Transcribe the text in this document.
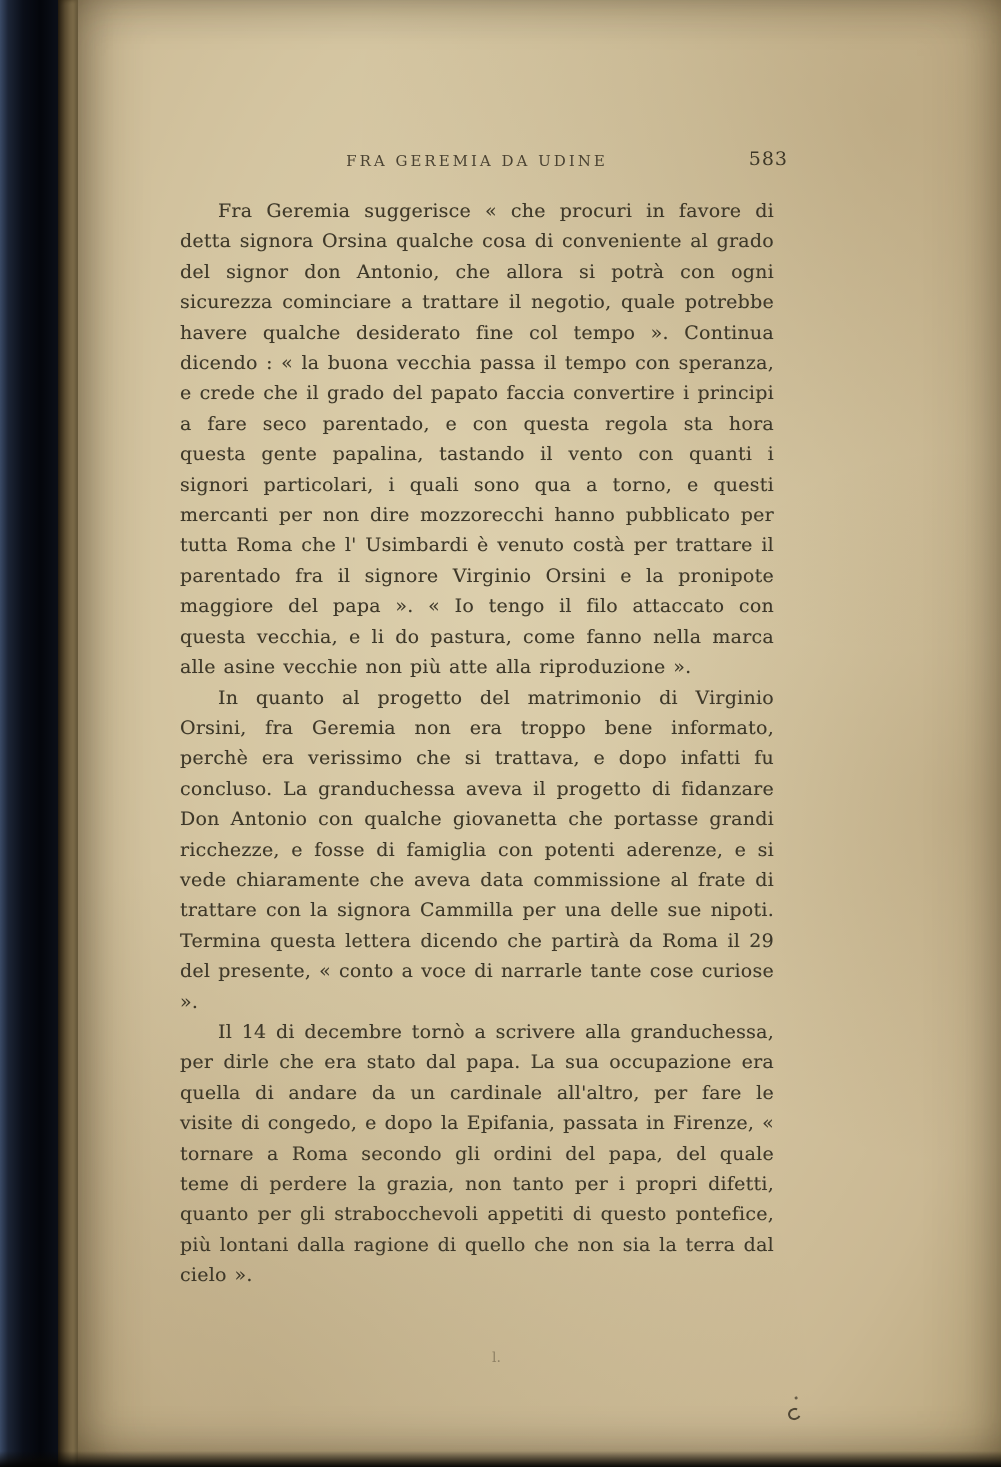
FRA GEREMIA DA UDINE	583

Fra Geremia suggerisce « che procuri in favore di detta signora Orsina qualche cosa di conveniente al grado del signor don Antonio, che allora si potrà con ogni sicurezza cominciare a trattare il negotio, quale potrebbe havere qualche desiderato fine col tempo ». Continua dicendo : « la buona vecchia passa il tempo con speranza, e crede che il grado del papato faccia convertire i principi a fare seco parentado, e con questa regola sta hora questa gente papalina, tastando il vento con quanti i signori particolari, i quali sono qua a torno, e questi mercanti per non dire mozzorecchi hanno pubblicato per tutta Roma che l' Usimbardi è venuto costà per trattare il parentado fra il signore Virginio Orsini e la pronipote maggiore del papa ». « Io tengo il filo attaccato con questa vecchia, e li do pastura, come fanno nella marca alle asine vecchie non più atte alla riproduzione ».

In quanto al progetto del matrimonio di Virginio Orsini, fra Geremia non era troppo bene informato, perchè era verissimo che si trattava, e dopo infatti fu concluso. La granduchessa aveva il progetto di fidanzare Don Antonio con qualche giovanetta che portasse grandi ricchezze, e fosse di famiglia con potenti aderenze, e si vede chiaramente che aveva data commissione al frate di trattare con la signora Cammilla per una delle sue nipoti. Termina questa lettera dicendo che partirà da Roma il 29 del presente, « conto a voce di narrarle tante cose curiose ».

Il 14 di decembre tornò a scrivere alla granduchessa, per dirle che era stato dal papa. La sua occupazione era quella di andare da un cardinale all'altro, per fare le visite di congedo, e dopo la Epifania, passata in Firenze, « tornare a Roma secondo gli ordini del papa, del quale teme di perdere la grazia, non tanto per i propri difetti, quanto per gli strabocchevoli appetiti di questo pontefice, più lontani dalla ragione di quello che non sia la terra dal cielo ».

l.
